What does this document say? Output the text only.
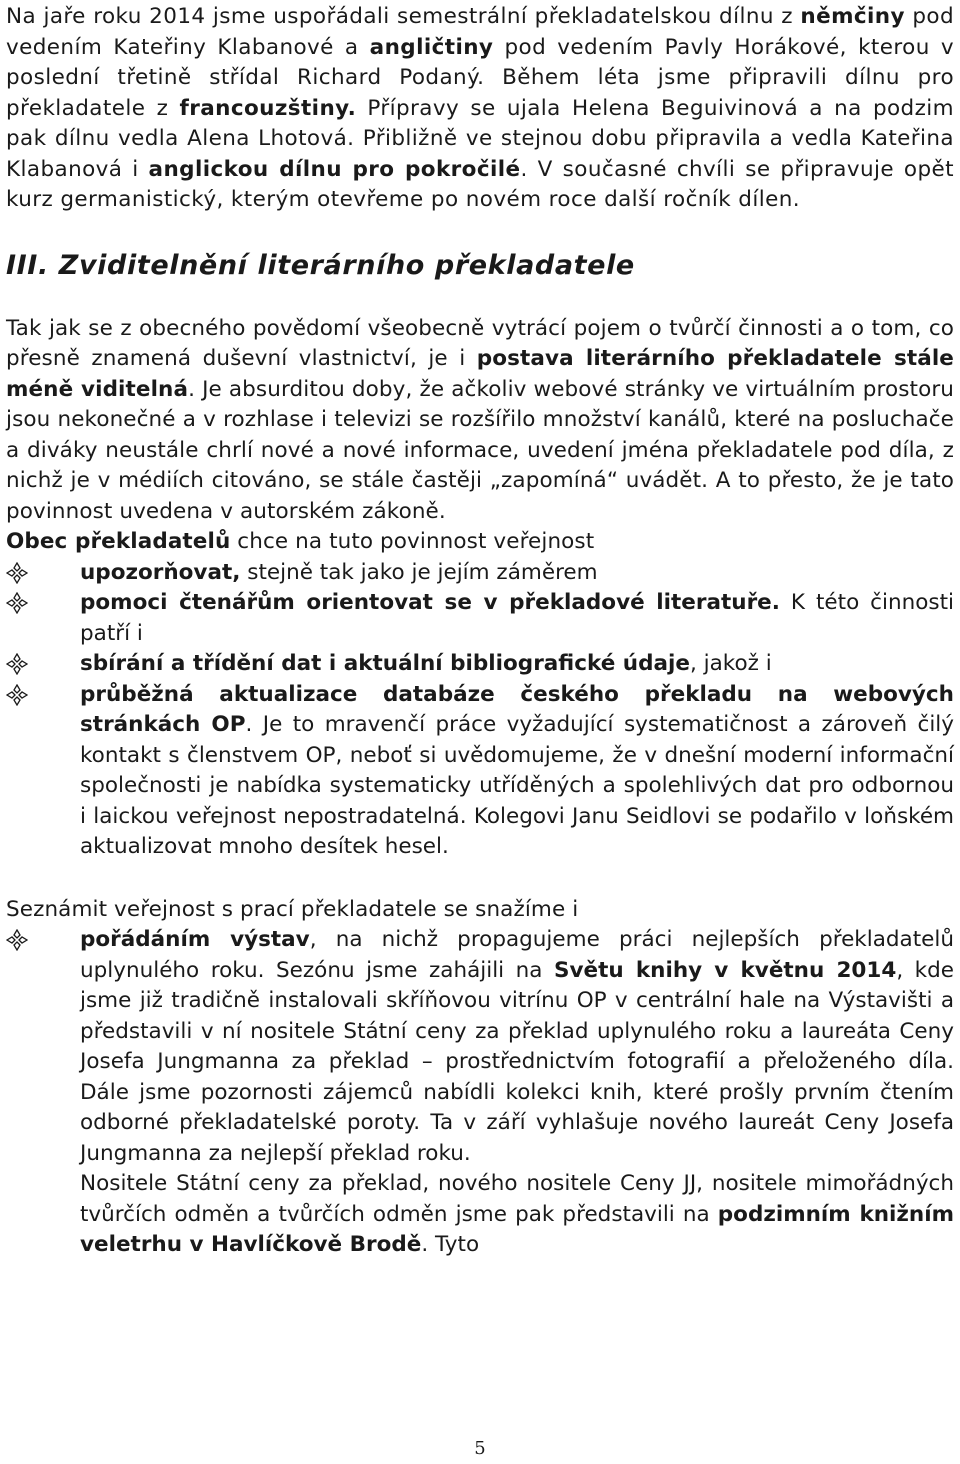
Na jaře roku 2014 jsme uspořádali semestrální překladatelskou dílnu z němčiny pod vedením Kateřiny Klabanové a angličtiny pod vedením Pavly Horákové, kterou v poslední třetině střídal Richard Podaný. Během léta jsme připravili dílnu pro překladatele z francouzštiny. Přípravy se ujala Helena Beguivinová a na podzim pak dílnu vedla Alena Lhotová. Přibližně ve stejnou dobu připravila a vedla Kateřina Klabanová i anglickou dílnu pro pokročilé. V současné chvíli se připravuje opět kurz germanistický, kterým otevřeme po novém roce další ročník dílen.

III. Zviditelnění literárního překladatele

Tak jak se z obecného povědomí všeobecně vytrácí pojem o tvůrčí činnosti a o tom, co přesně znamená duševní vlastnictví, je i postava literárního překladatele stále méně viditelná. Je absurditou doby, že ačkoliv webové stránky ve virtuálním prostoru jsou nekonečné a v rozhlase i televizi se rozšířilo množství kanálů, které na posluchače a diváky neustále chrlí nové a nové informace, uvedení jména překladatele pod díla, z nichž je v médiích citováno, se stále častěji „zapomíná“ uvádět. A to přesto, že je tato povinnost uvedena v autorském zákoně.

Obec překladatelů chce na tuto povinnost veřejnost

upozorňovat, stejně tak jako je jejím záměrem
pomoci čtenářům orientovat se v překladové literatuře. K této činnosti patří i
sbírání a třídění dat i aktuální bibliografické údaje, jakož i
průběžná aktualizace databáze českého překladu na webových stránkách OP. Je to mravenčí práce vyžadující systematičnost a zároveň čilý kontakt s členstvem OP, neboť si uvědomujeme, že v dnešní moderní informační společnosti je nabídka systematicky utříděných a spolehlivých dat pro odbornou i laickou veřejnost nepostradatelná. Kolegovi Janu Seidlovi se podařilo v loňském aktualizovat mnoho desítek hesel.

Seznámit veřejnost s prací překladatele se snažíme i

pořádáním výstav, na nichž propagujeme práci nejlepších překladatelů uplynulého roku. Sezónu jsme zahájili na Světu knihy v květnu 2014, kde jsme již tradičně instalovali skříňovou vitrínu OP v centrální hale na Výstavišti a představili v ní nositele Státní ceny za překlad uplynulého roku a laureáta Ceny Josefa Jungmanna za překlad – prostřednictvím fotografií a přeloženého díla. Dále jsme pozornosti zájemců nabídli kolekci knih, které prošly prvním čtením odborné překladatelské poroty. Ta v září vyhlašuje nového laureát Ceny Josefa Jungmanna za nejlepší překlad roku.
Nositele Státní ceny za překlad, nového nositele Ceny JJ, nositele mimořádných tvůrčích odměn a tvůrčích odměn jsme pak představili na podzimním knižním veletrhu v Havlíčkově Brodě. Tyto
5
